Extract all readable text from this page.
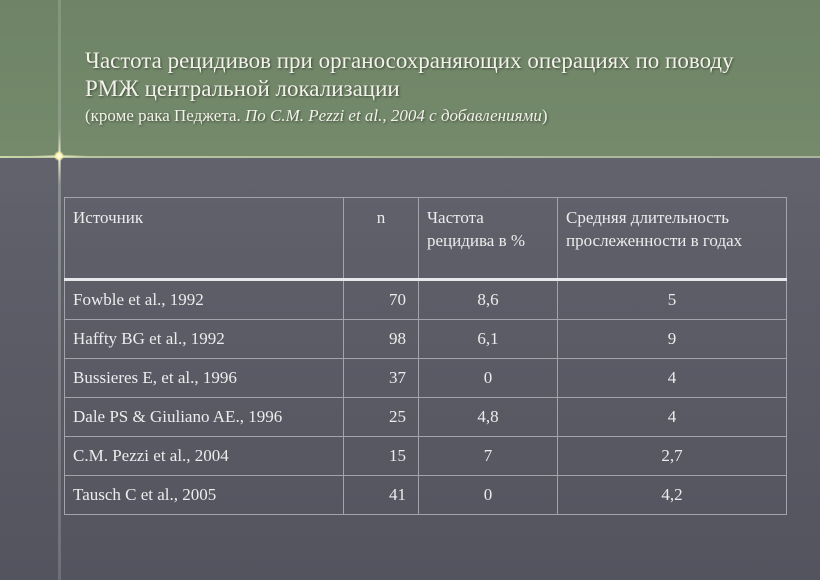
Частота рецидивов при органосохраняющих операциях по поводу РМЖ центральной локализации
(кроме рака Педжета. По C.M. Pezzi et al., 2004 с добавлениями)
Источник	n	Частота рецидива в %	Средняя длительность прослеженности в годах
Fowble et al., 1992	70	8,6	5
Haffty BG et al., 1992	98	6,1	9
Bussieres E, et al., 1996	37	0	4
Dale PS & Giuliano AE., 1996	25	4,8	4
C.M. Pezzi et al., 2004	15	7	2,7
Tausch C et al., 2005	41	0	4,2
